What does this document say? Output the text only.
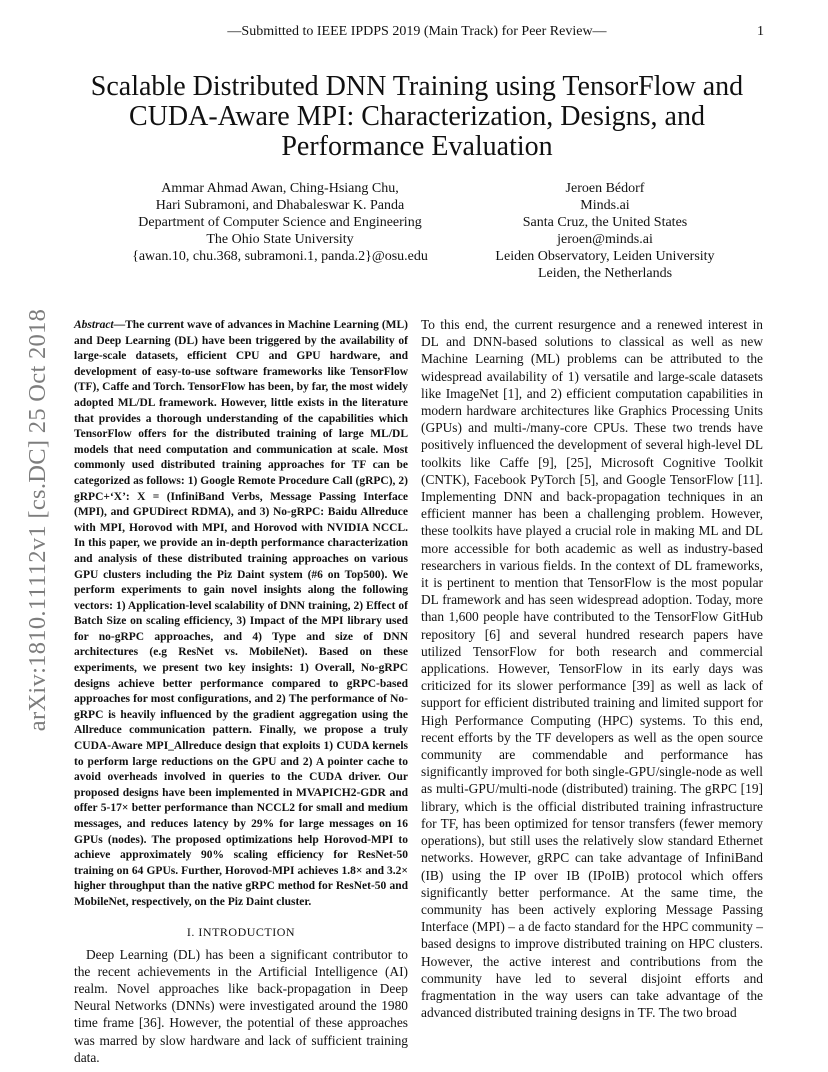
—Submitted to IEEE IPDPS 2019 (Main Track) for Peer Review—	1
Scalable Distributed DNN Training using TensorFlow and CUDA-Aware MPI: Characterization, Designs, and Performance Evaluation
Ammar Ahmad Awan, Ching-Hsiang Chu,
Hari Subramoni, and Dhabaleswar K. Panda
Department of Computer Science and Engineering
The Ohio State University
{awan.10, chu.368, subramoni.1, panda.2}@osu.edu
Jeroen Bédorf
Minds.ai
Santa Cruz, the United States
jeroen@minds.ai
Leiden Observatory, Leiden University
Leiden, the Netherlands
arXiv:1810.11112v1 [cs.DC] 25 Oct 2018 Abstract—The current wave of advances in Machine Learning (ML) and Deep Learning (DL) have been triggered by the availability of large-scale datasets, efficient CPU and GPU hardware, and development of easy-to-use software frameworks like TensorFlow (TF), Caffe and Torch. TensorFlow has been, by far, the most widely adopted ML/DL framework. However, little exists in the literature that provides a thorough understanding of the capabilities which TensorFlow offers for the distributed training of large ML/DL models that need computation and communication at scale. Most commonly used distributed training approaches for TF can be categorized as follows: 1) Google Remote Procedure Call (gRPC), 2) gRPC+‘X’: X = (InfiniBand Verbs, Message Passing Interface (MPI), and GPUDirect RDMA), and 3) No-gRPC: Baidu Allreduce with MPI, Horovod with MPI, and Horovod with NVIDIA NCCL. In this paper, we provide an in-depth performance characterization and analysis of these distributed training approaches on various GPU clusters including the Piz Daint system (#6 on Top500). We perform experiments to gain novel insights along the following vectors: 1) Application-level scalability of DNN training, 2) Effect of Batch Size on scaling efficiency, 3) Impact of the MPI library used for no-gRPC approaches, and 4) Type and size of DNN architectures (e.g ResNet vs. MobileNet). Based on these experiments, we present two key insights: 1) Overall, No-gRPC designs achieve better performance compared to gRPC-based approaches for most configurations, and 2) The performance of No-gRPC is heavily influenced by the gradient aggregation using the Allreduce communication pattern. Finally, we propose a truly CUDA-Aware MPI_Allreduce design that exploits 1) CUDA kernels to perform large reductions on the GPU and 2) A pointer cache to avoid overheads involved in queries to the CUDA driver. Our proposed designs have been implemented in MVAPICH2-GDR and offer 5-17× better performance than NCCL2 for small and medium messages, and reduces latency by 29% for large messages on 16 GPUs (nodes). The proposed optimizations help Horovod-MPI to achieve approximately 90% scaling efficiency for ResNet-50 training on 64 GPUs. Further, Horovod-MPI achieves 1.8× and 3.2× higher throughput than the native gRPC method for ResNet-50 and MobileNet, respectively, on the Piz Daint cluster.
I. INTRODUCTION
Deep Learning (DL) has been a significant contributor to the recent achievements in the Artificial Intelligence (AI) realm. Novel approaches like back-propagation in Deep Neural Networks (DNNs) were investigated around the 1980 time frame [36]. However, the potential of these approaches was marred by slow hardware and lack of sufficient training data.
To this end, the current resurgence and a renewed interest in DL and DNN-based solutions to classical as well as new Machine Learning (ML) problems can be attributed to the widespread availability of 1) versatile and large-scale datasets like ImageNet [1], and 2) efficient computation capabilities in modern hardware architectures like Graphics Processing Units (GPUs) and multi-/many-core CPUs. These two trends have positively influenced the development of several high-level DL toolkits like Caffe [9], [25], Microsoft Cognitive Toolkit (CNTK), Facebook PyTorch [5], and Google TensorFlow [11]. Implementing DNN and back-propagation techniques in an efficient manner has been a challenging problem. However, these toolkits have played a crucial role in making ML and DL more accessible for both academic as well as industry-based researchers in various fields. In the context of DL frameworks, it is pertinent to mention that TensorFlow is the most popular DL framework and has seen widespread adoption. Today, more than 1,600 people have contributed to the TensorFlow GitHub repository [6] and several hundred research papers have utilized TensorFlow for both research and commercial applications. However, TensorFlow in its early days was criticized for its slower performance [39] as well as lack of support for efficient distributed training and limited support for High Performance Computing (HPC) systems. To this end, recent efforts by the TF developers as well as the open source community are commendable and performance has significantly improved for both single-GPU/single-node as well as multi-GPU/multi-node (distributed) training. The gRPC [19] library, which is the official distributed training infrastructure for TF, has been optimized for tensor transfers (fewer memory operations), but still uses the relatively slow standard Ethernet networks. However, gRPC can take advantage of InfiniBand (IB) using the IP over IB (IPoIB) protocol which offers significantly better performance. At the same time, the community has been actively exploring Message Passing Interface (MPI) – a de facto standard for the HPC community – based designs to improve distributed training on HPC clusters. However, the active interest and contributions from the community have led to several disjoint efforts and fragmentation in the way users can take advantage of the advanced distributed training designs in TF. The two broad
